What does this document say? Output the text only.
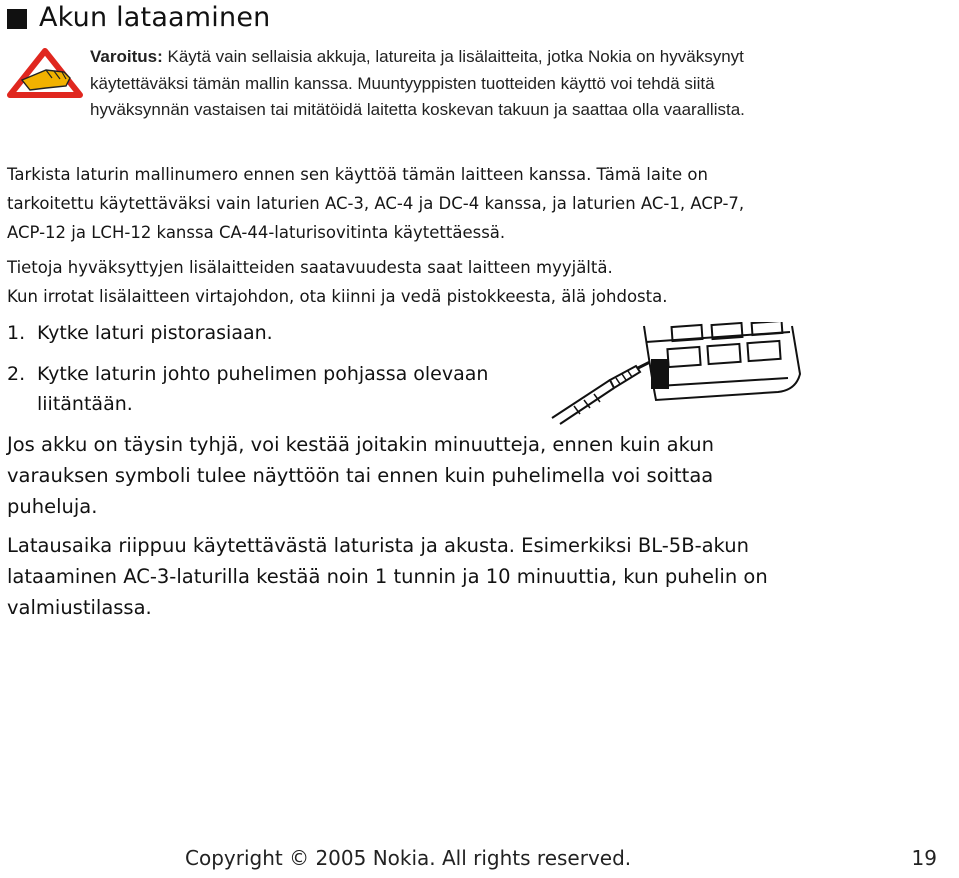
Akun lataaminen
Varoitus: Käytä vain sellaisia akkuja, latureita ja lisälaitteita, jotka Nokia on hyväksynyt käytettäväksi tämän mallin kanssa. Muuntyyppisten tuotteiden käyttö voi tehdä siitä hyväksynnän vastaisen tai mitätöidä laitetta koskevan takuun ja saattaa olla vaarallista.
Tarkista laturin mallinumero ennen sen käyttöä tämän laitteen kanssa. Tämä laite on tarkoitettu käytettäväksi vain laturien AC-3, AC-4 ja DC-4 kanssa, ja laturien AC-1, ACP-7, ACP-12 ja LCH-12 kanssa CA-44-laturisovitinta käytettäessä.
Tietoja hyväksyttyjen lisälaitteiden saatavuudesta saat laitteen myyjältä.
Kun irrotat lisälaitteen virtajohdon, ota kiinni ja vedä pistokkeesta, älä johdosta.
1. Kytke laturi pistorasiaan.
2. Kytke laturin johto puhelimen pohjassa olevaan
liitäntään.
Jos akku on täysin tyhjä, voi kestää joitakin minuutteja, ennen kuin akun varauksen symboli tulee näyttöön tai ennen kuin puhelimella voi soittaa puheluja.
Latausaika riippuu käytettävästä laturista ja akusta. Esimerkiksi BL-5B-akun lataaminen AC-3-laturilla kestää noin 1 tunnin ja 10 minuuttia, kun puhelin on valmiustilassa.
Copyright © 2005 Nokia. All rights reserved.	19
